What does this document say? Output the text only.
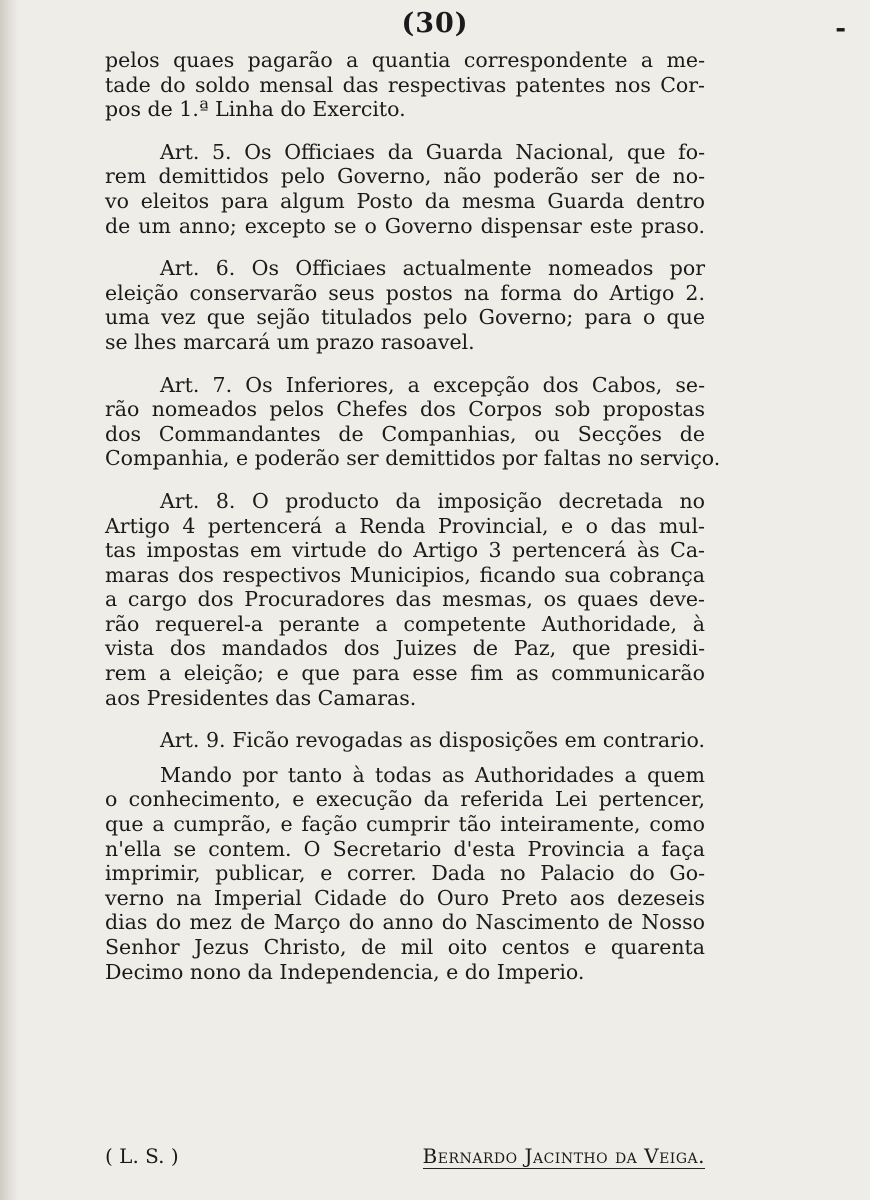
(30)	-

pelos quaes pagarão a quantia correspondente a me-
tade do soldo mensal das respectivas patentes nos Cor-
pos de 1.ª Linha do Exercito.

Art. 5. Os Officiaes da Guarda Nacional, que fo-
rem demittidos pelo Governo, não poderão ser de no-
vo eleitos para algum Posto da mesma Guarda dentro
de um anno; excepto se o Governo dispensar este praso.

Art. 6. Os Officiaes actualmente nomeados por
eleição conservarão seus postos na forma do Artigo 2.
uma vez que sejão titulados pelo Governo; para o que
se lhes marcará um prazo rasoavel.

Art. 7. Os Inferiores, a excepção dos Cabos, se-
rão nomeados pelos Chefes dos Corpos sob propostas
dos Commandantes de Companhias, ou Secções de
Companhia, e poderão ser demittidos por faltas no serviço.

Art. 8. O producto da imposição decretada no
Artigo 4 pertencerá a Renda Provincial, e o das mul-
tas impostas em virtude do Artigo 3 pertencerá às Ca-
maras dos respectivos Municipios, ficando sua cobrança
a cargo dos Procuradores das mesmas, os quaes deve-
rão requerel-a perante a competente Authoridade, à
vista dos mandados dos Juizes de Paz, que presidi-
rem a eleição; e que para esse fim as communicarão
aos Presidentes das Camaras.

Art. 9. Ficão revogadas as disposições em contrario.

Mando por tanto à todas as Authoridades a quem
o conhecimento, e execução da referida Lei pertencer,
que a cumprão, e fação cumprir tão inteiramente, como
n'ella se contem. O Secretario d'esta Provincia a faça
imprimir, publicar, e correr. Dada no Palacio do Go-
verno na Imperial Cidade do Ouro Preto aos dezeseis
dias do mez de Março do anno do Nascimento de Nosso
Senhor Jezus Christo, de mil oito centos e quarenta
Decimo nono da Independencia, e do Imperio.

( L. S. )	Bernardo Jacintho da Veiga.
